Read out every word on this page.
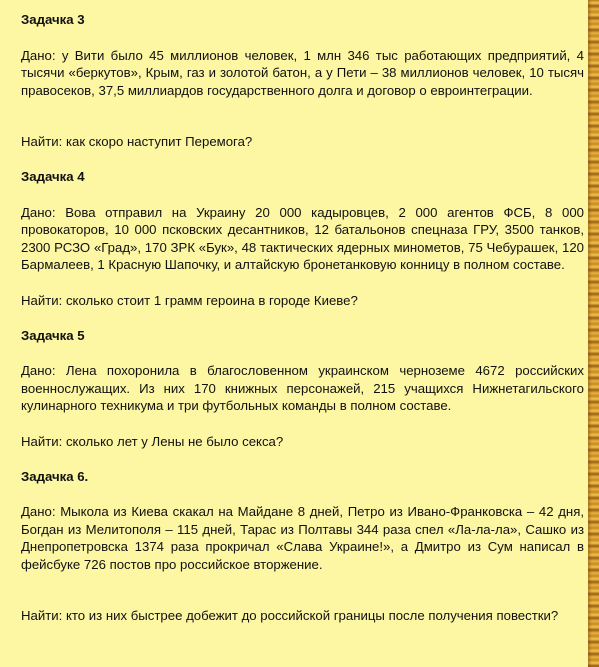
Задачка 3

Дано: у Вити было 45 миллионов человек, 1 млн 346 тыс работающих предприятий, 4 тысячи «беркутов», Крым, газ и золотой батон, а у Пети – 38 миллионов человек, 10 тысяч правосеков, 37,5 миллиардов государственного долга и договор о евроинтеграции.

Найти: как скоро наступит Перемога?

Задачка 4

Дано: Вова отправил на Украину 20 000 кадыровцев, 2 000 агентов ФСБ, 8 000 провокаторов, 10 000 псковских десантников, 12 батальонов спецназа ГРУ, 3500 танков, 2300 РСЗО «Град», 170 ЗРК «Бук», 48 тактических ядерных минометов, 75 Чебурашек, 120 Бармалеев, 1 Красную Шапочку, и алтайскую бронетанковую конницу в полном составе.

Найти: сколько стоит 1 грамм героина в городе Киеве?

Задачка 5

Дано: Лена похоронила в благословенном украинском черноземе 4672 российских военнослужащих. Из них 170 книжных персонажей, 215 учащихся Нижнетагильского кулинарного техникума и три футбольных команды в полном составе.

Найти: сколько лет у Лены не было секса?

Задачка 6.

Дано: Мыкола из Киева скакал на Майдане 8 дней, Петро из Ивано-Франковска – 42 дня, Богдан из Мелитополя – 115 дней, Тарас из Полтавы 344 раза спел «Ла-ла-ла», Сашко из Днепропетровска 1374 раза прокричал «Слава Украине!», а Дмитро из Сум написал в фейсбуке 726 постов про российское вторжение.

Найти: кто из них быстрее добежит до российской границы после получения повестки?
